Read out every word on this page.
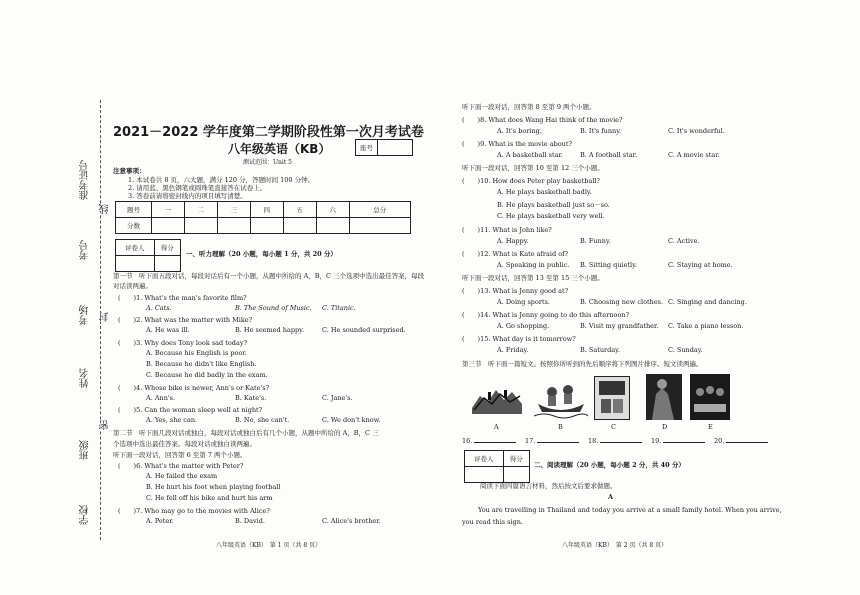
学校
班级
姓名
考场
考号
准考证号
密
封
线
2021－2022 学年度第二学期阶段性第一次月考试卷
八年级英语（KB）	座号	
测试范围：Unit 5
注意事项：
1. 本试卷共 8 页，六大题，满分 120 分，答题时间 100 分钟。
2. 请用蓝、黑色钢笔或圆珠笔直接答在试卷上。
3. 答卷前请将密封线内的项目填写清楚。
题号	一	二	三	四	五	六	总分
分数							
评卷人	得分

一、听力理解（20 小题，每小题 1 分，共 20 分）
第一节　听下面五段对话，每段对话后有一个小题，从题中所给的 A，B，C 三个选项中选出最佳答案，每段对话读两遍。
(　　)1. What's the man's favorite film?
A. Cats.	B. The Sound of Music. C. Titanic.
(　　)2. What was the matter with Mike?
A. He was ill.	B. He seemed happy.	C. He sounded surprised.
(　　)3. Why does Tony look sad today?
A. Because his English is poor.
B. Because he didn't like English.
C. Because he did badly in the exam.
(　　)4. Whose bike is newer, Ann's or Kate's?
A. Ann's.	B. Kate's.	C. Jane's.
(　　)5. Can the woman sleep well at night?
A. Yes, she can.	B. No, she can't.	C. We don't know.
第二节　听下面几段对话或独白，每段对话或独白后有几个小题，从题中所给的 A，B，C 三
个选项中选出最佳答案。每段对话或独白读两遍。
听下面一段对话，回答第 6 至第 7 两个小题。
(　　)6. What's the matter with Peter?
A. He failed the exam
B. He hurt his foot when playing football
C. He fell off his bike and hurt his arm
(　　)7. Who may go to the movies with Alice?
A. Peter.	B. David.	C. Alice's brother.
八年级英语（KB）　第 1 页（共 8 页）
听下面一段对话，回答第 8 至第 9 两个小题。
(　　)8. What does Wang Hai think of the movie?
A. It's boring.	B. It's funny.	C. It's wonderful.
(　　)9. What is the movie about?
A. A basketball star.	B. A football star.	C. A movie star.
听下面一段对话，回答第 10 至第 12 三个小题。
(　　)10. How does Peter play basketball?
A. He plays basketball badly.
B. He plays basketball just so－so.
C. He plays basketball very well.
(　　)11. What is John like?
A. Happy.	B. Funny.	C. Active.
(　　)12. What is Kate afraid of?
A. Speaking in public. B. Sitting quietly.	C. Staying at home.
听下面一段对话，回答第 13 至第 15 三个小题。
(　　)13. What is Jenny good at?
A. Doing sports.	B. Choosing new clothes. C. Singing and dancing.
(　　)14. What is Jenny going to do this afternoon?
A. Go shopping.	B. Visit my grandfather. C. Take a piano lesson.
(　　)15. What day is it tomorrow?
A. Friday.	B. Saturday.	C. Sunday.
第三节　听下面一篇短文。按照你所听到的先后顺序将下列图片排序。短文读两遍。
A	B	C	D	E
16. 　	17. 　	18. 　	19. 　	20.
评卷人	得分

二、阅读理解（20 小题，每小题 2 分，共 40 分）
阅读下面四篇语言材料，然后按文后要求做题。
A
You are travelling in Thailand and today you arrive at a small family hotel. When you arrive,
you read this sign.
八年级英语（KB）　第 2 页（共 8 页）
